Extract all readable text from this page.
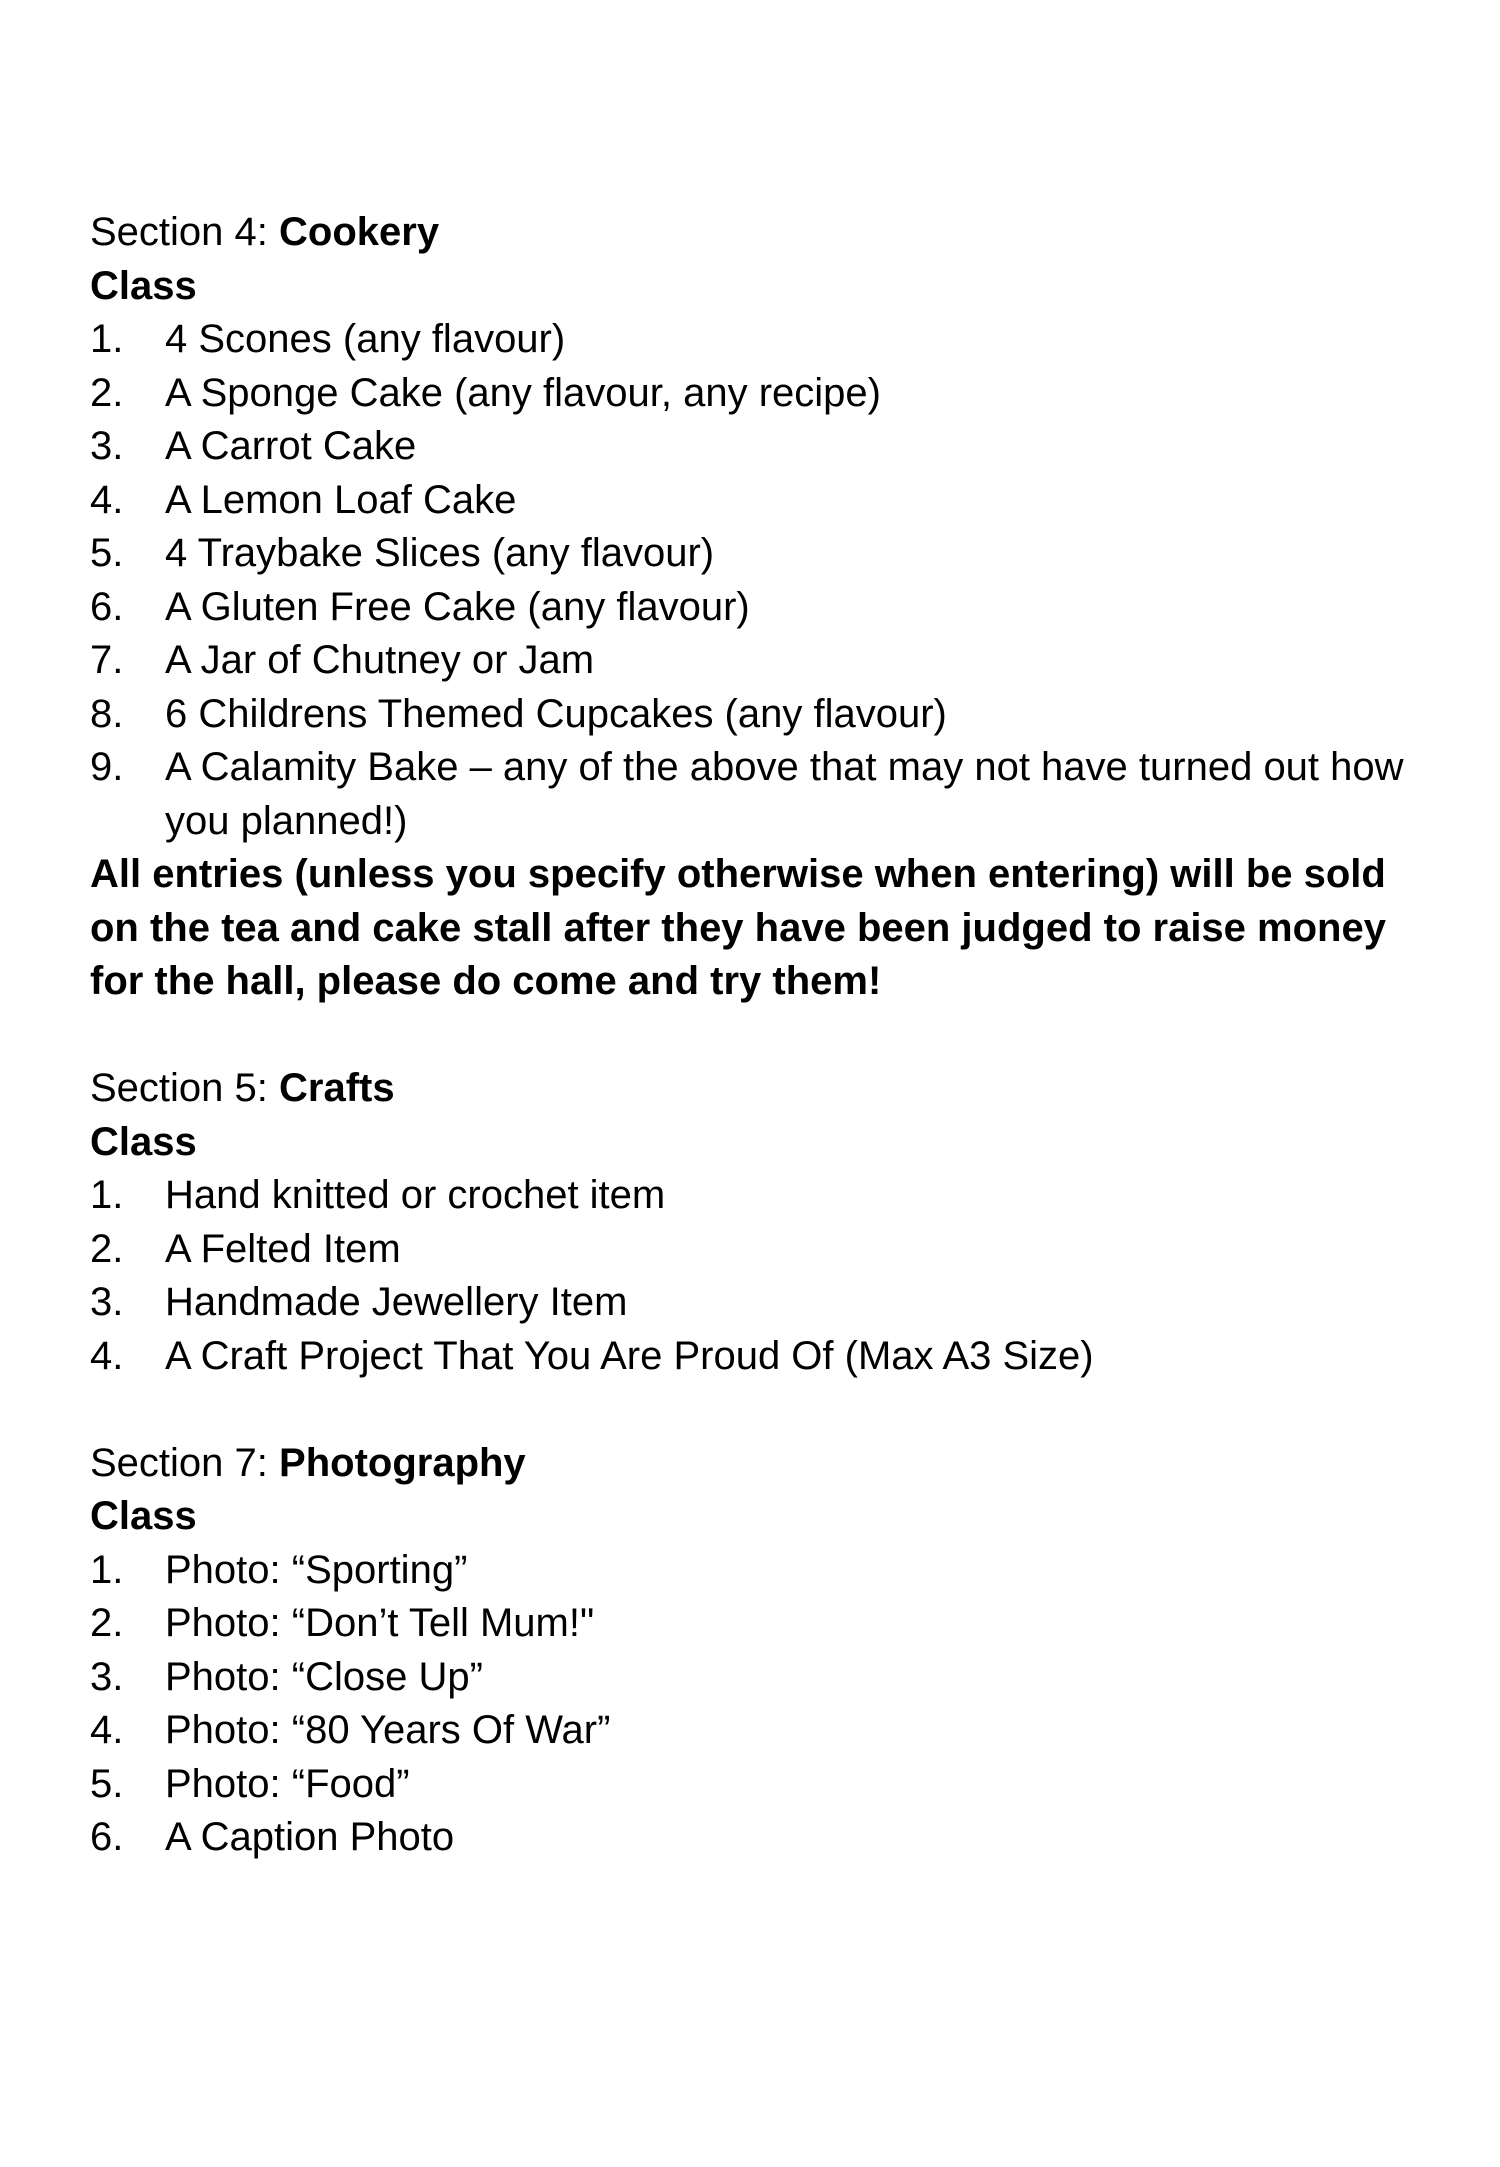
Section 4: Cookery

Class

1. 4 Scones (any flavour)
2. A Sponge Cake (any flavour, any recipe)
3. A Carrot Cake
4. A Lemon Loaf Cake
5. 4 Traybake Slices (any flavour)
6. A Gluten Free Cake (any flavour)
7. A Jar of Chutney or Jam
8. 6 Childrens Themed Cupcakes (any flavour)
9. A Calamity Bake – any of the above that may not have turned out how you planned!)

All entries (unless you specify otherwise when entering) will be sold on the tea and cake stall after they have been judged to raise money for the hall, please do come and try them!

Section 5: Crafts

Class

1. Hand knitted or crochet item
2. A Felted Item
3. Handmade Jewellery Item
4. A Craft Project That You Are Proud Of (Max A3 Size)

Section 7: Photography

Class

1. Photo: “Sporting”
2. Photo: “Don’t Tell Mum!"
3. Photo: “Close Up”
4. Photo: “80 Years Of War”
5. Photo: “Food”
6. A Caption Photo
